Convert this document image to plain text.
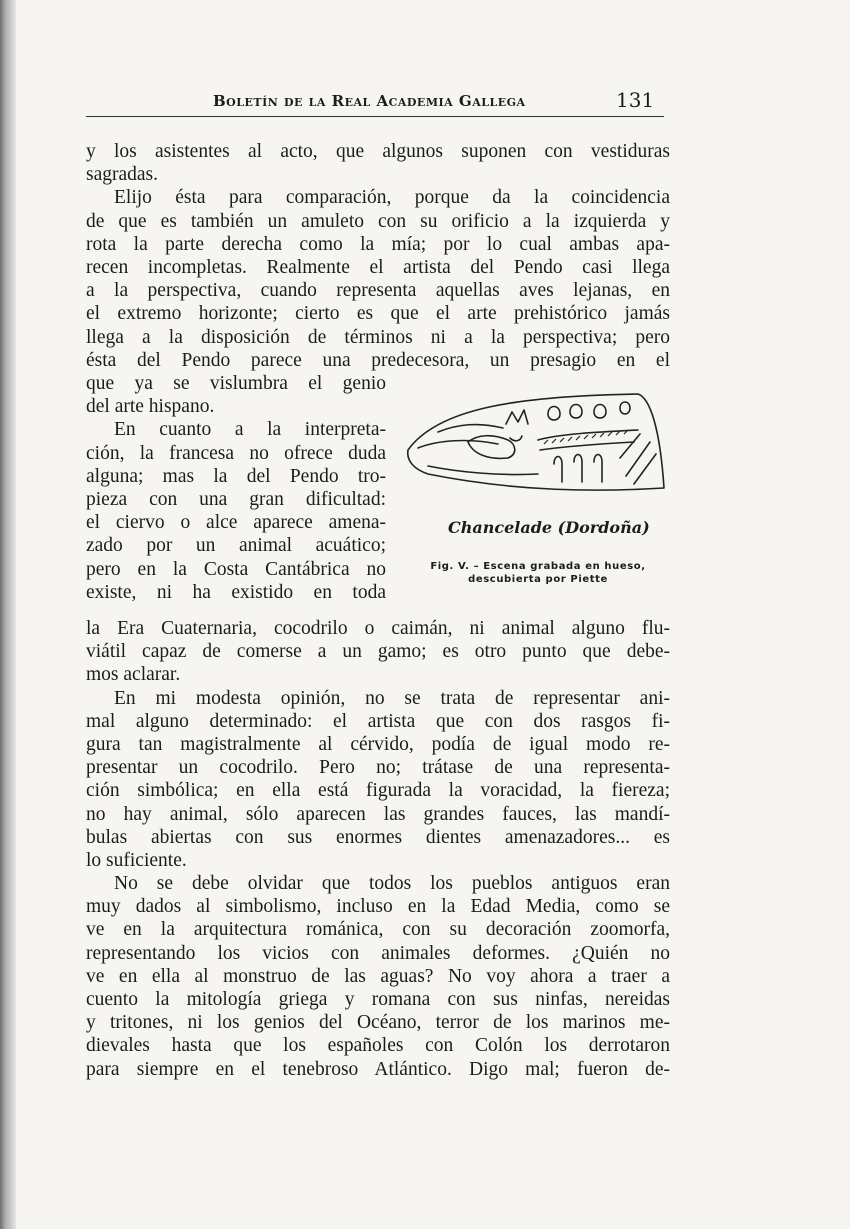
Boletín de la Real Academia Gallega	131
y los asistentes al acto, que algunos suponen con vestiduras
sagradas.
Elijo ésta para comparación, porque da la coincidencia
de que es también un amuleto con su orificio a la izquierda y
rota la parte derecha como la mía; por lo cual ambas apa-
recen incompletas. Realmente el artista del Pendo casi llega
a la perspectiva, cuando representa aquellas aves lejanas, en
el extremo horizonte; cierto es que el arte prehistórico jamás
llega a la disposición de términos ni a la perspectiva; pero
ésta del Pendo parece una predecesora, un presagio en el
que ya se vislumbra el genio
del arte hispano.
En cuanto a la interpreta-
ción, la francesa no ofrece duda
alguna; mas la del Pendo tro-
pieza con una gran dificultad:
el ciervo o alce aparece amena-
zado por un animal acuático;
pero en la Costa Cantábrica no
existe, ni ha existido en toda
Chancelade (Dordoña)
Fig. V. – Escena grabada en hueso,
descubierta por Piette
la Era Cuaternaria, cocodrilo o caimán, ni animal alguno flu-
viátil capaz de comerse a un gamo; es otro punto que debe-
mos aclarar.
En mi modesta opinión, no se trata de representar ani-
mal alguno determinado: el artista que con dos rasgos fi-
gura tan magistralmente al cérvido, podía de igual modo re-
presentar un cocodrilo. Pero no; trátase de una representa-
ción simbólica; en ella está figurada la voracidad, la fiereza;
no hay animal, sólo aparecen las grandes fauces, las mandí-
bulas abiertas con sus enormes dientes amenazadores... es
lo suficiente.
No se debe olvidar que todos los pueblos antiguos eran
muy dados al simbolismo, incluso en la Edad Media, como se
ve en la arquitectura románica, con su decoración zoomorfa,
representando los vicios con animales deformes. ¿Quién no
ve en ella al monstruo de las aguas? No voy ahora a traer a
cuento la mitología griega y romana con sus ninfas, nereidas
y tritones, ni los genios del Océano, terror de los marinos me-
dievales hasta que los españoles con Colón los derrotaron
para siempre en el tenebroso Atlántico. Digo mal; fueron de-
